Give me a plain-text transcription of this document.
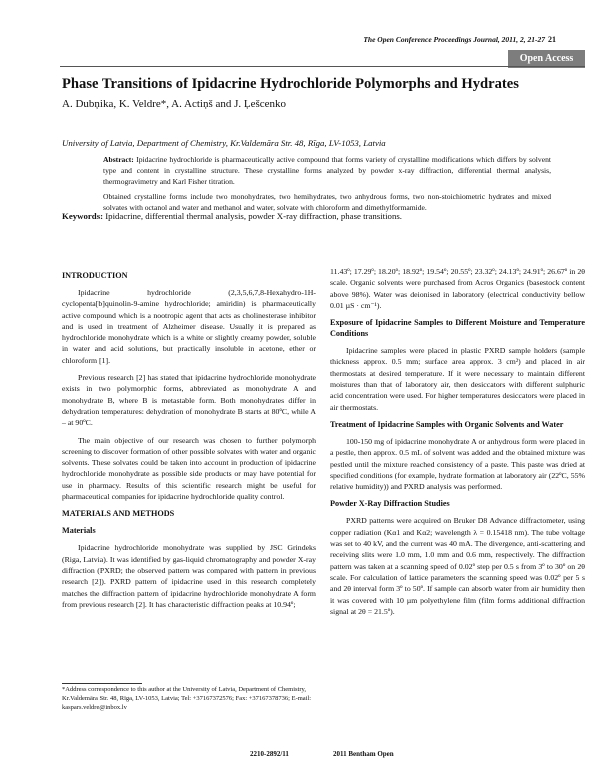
The Open Conference Proceedings Journal, 2011, 2, 21-27 21
Open Access
Phase Transitions of Ipidacrine Hydrochloride Polymorphs and Hydrates
A. Dubņika, K. Veldre*, A. Actiņš and J. Ļešcenko
University of Latvia, Department of Chemistry, Kr.Valdemāra Str. 48, Rīga, LV-1053, Latvia

Abstract: Ipidacrine hydrochloride is pharmaceutically active compound that forms variety of crystalline modifications which differs by solvent type and content in crystalline structure. These crystalline forms analyzed by powder x-ray diffraction, differential thermal analysis, thermogravimetry and Karl Fisher titration.

Obtained crystalline forms include two monohydrates, two hemihydrates, two anhydrous forms, two non-stoichiometric hydrates and mixed solvates with octanol and water and methanol and water, solvate with chloroform and dimethylformamide.

Keywords: Ipidacrine, differential thermal analysis, powder X-ray diffraction, phase transitions.
INTRODUCTION

Ipidacrine hydrochloride (2,3,5,6,7,8-Hexahydro-1H-cyclopenta[b]quinolin-9-amine hydrochloride; amiridin) is pharmaceutically active compound which is a nootropic agent that acts as cholinesterase inhibitor and is used in treatment of Alzheimer disease. Usually it is prepared as hydrochloride monohydrate which is a white or slightly creamy powder, soluble in water and acid solutions, but practically insoluble in acetone, ether or chloroform [1].

Previous research [2] has stated that ipidacrine hydrochloride monohydrate exists in two polymorphic forms, abbreviated as monohydrate A and monohydrate B, where B is metastable form. Both monohydrates differ in dehydration temperatures: dehydration of monohydrate B starts at 80ºC, while A – at 90ºC.

The main objective of our research was chosen to further polymorph screening to discover formation of other possible solvates with water and organic solvents. These solvates could be taken into account in production of ipidacrine hydrochloride monohydrate as possible side products or may have potential for use in pharmacy. Results of this scientific research might be useful for pharmaceutical companies for ipidacrine hydrochloride quality control.

MATERIALS AND METHODS
Materials

Ipidacrine hydrochloride monohydrate was supplied by JSC Grindeks (Riga, Latvia). It was identified by gas-liquid chromatography and powder X-ray diffraction (PXRD; the observed pattern was compared with pattern in previous research [2]). PXRD pattern of ipidacrine used in this research completely matches the diffraction pattern of ipidacrine hydrochloride monohydrate A form from previous research [2]. It has characteristic diffraction peaks at 10.94º;

11.43º; 17.29º; 18.20º; 18.92º; 19.54º; 20.55º; 23.32º; 24.13º; 24.91º; 26.67º in 2θ scale. Organic solvents were purchased from Acros Organics (basestock content above 98%). Water was deionised in laboratory (electrical conductivity bellow 0.01 µS · cm⁻¹).

Exposure of Ipidacrine Samples to Different Moisture and Temperature Conditions

Ipidacrine samples were placed in plastic PXRD sample holders (sample thickness approx. 0.5 mm; surface area approx. 3 cm²) and placed in air thermostats at desired temperature. If it were necessary to maintain different moistures than that of laboratory air, then desiccators with different sulphuric acid concentration were used. For higher temperatures desiccators were placed in air thermostats.

Treatment of Ipidacrine Samples with Organic Solvents and Water

100-150 mg of ipidacrine monohydrate A or anhydrous form were placed in a pestle, then approx. 0.5 mL of solvent was added and the obtained mixture was pestled until the mixture reached consistency of a paste. This paste was dried at specified conditions (for example, hydrate formation at laboratory air (22ºC, 55% relative humidity)) and PXRD analysis was performed.

Powder X-Ray Diffraction Studies

PXRD patterns were acquired on Bruker D8 Advance diffractometer, using copper radiation (Kα1 and Kα2; wavelength λ = 0.15418 nm). The tube voltage was set to 40 kV, and the current was 40 mA. The divergence, anti-scattering and receiving slits were 1.0 mm, 1.0 mm and 0.6 mm, respectively. The diffraction pattern was taken at a scanning speed of 0.02º step per 0.5 s from 3º to 30º on 2θ scale. For calculation of lattice parameters the scanning speed was 0.02º per 5 s and 2θ interval form 3º to 50º. If sample can absorb water from air humidity then it was covered with 10 µm polyethylene film (film forms additional diffraction signal at 2θ = 21.5º).

*Address correspondence to this author at the University of Latvia, Department of Chemistry, Kr.Valdemāra Str. 48, Rīga, LV-1053, Latvia; Tel: +37167372576; Fax: +37167378736; E-mail: kaspars.veldre@inbox.lv
2210-2892/11	2011 Bentham Open
